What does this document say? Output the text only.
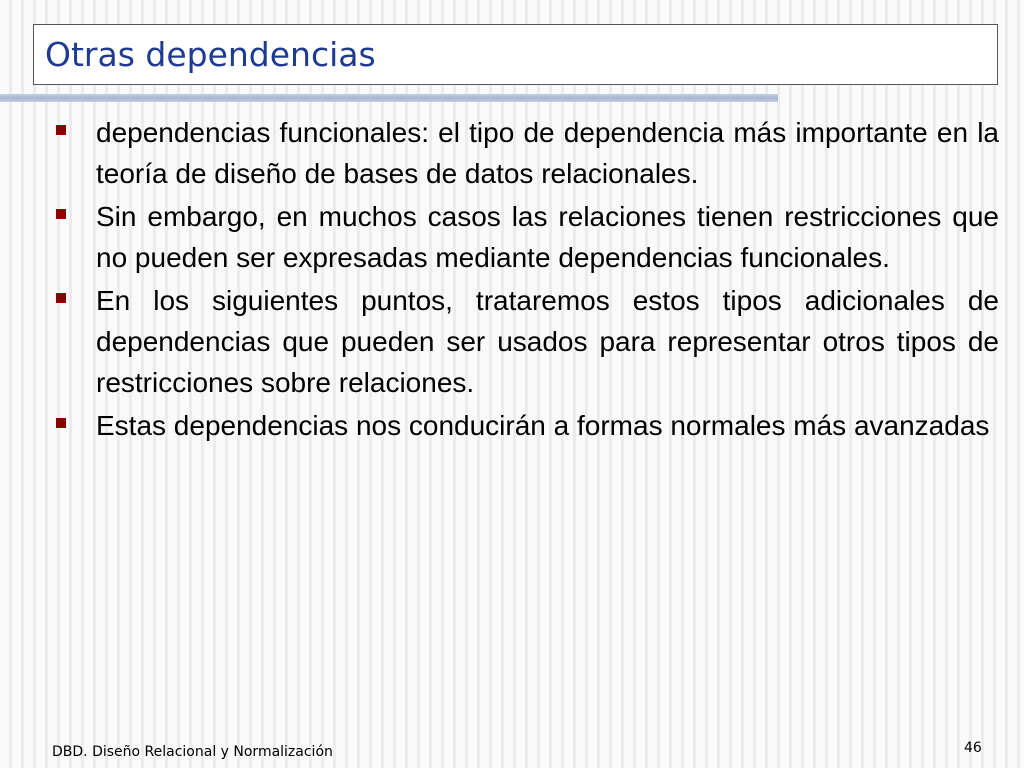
Otras dependencias
dependencias funcionales: el tipo de dependencia más importante en la teoría de diseño de bases de datos relacionales.
Sin embargo, en muchos casos las relaciones tienen restricciones que no pueden ser expresadas mediante dependencias funcionales.
En los siguientes puntos, trataremos estos tipos adicionales de dependencias que pueden ser usados para representar otros tipos de restricciones sobre relaciones.
Estas dependencias nos conducirán a formas normales más avanzadas
DBD. Diseño Relacional y Normalización	46
